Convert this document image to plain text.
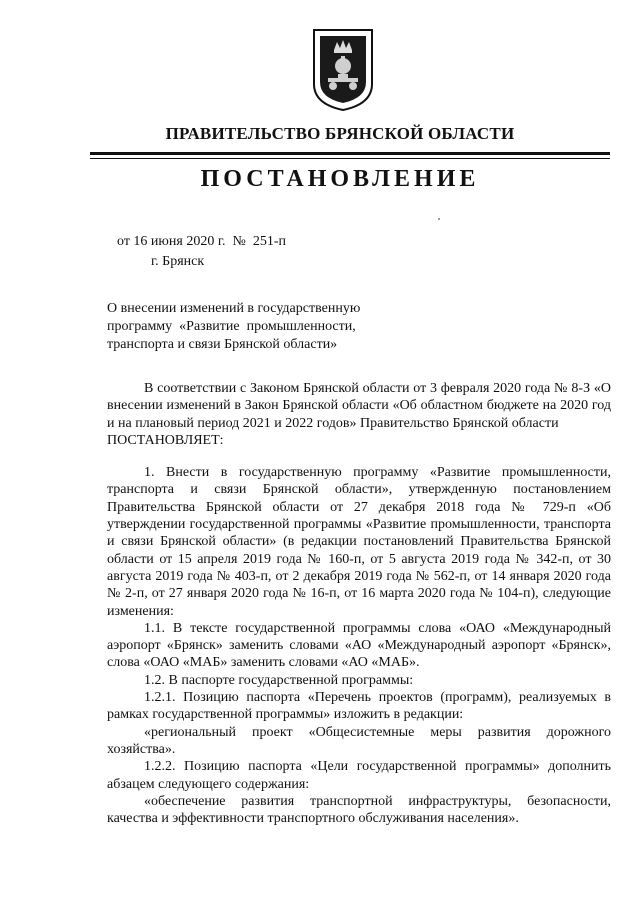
ПРАВИТЕЛЬСТВО БРЯНСКОЙ ОБЛАСТИ
ПОСТАНОВЛЕНИЕ
от 16 июня 2020 г.  №  251-п
г. Брянск
О внесении изменений в государственную
программу  «Развитие  промышленности,
транспорта и связи Брянской области»

В соответствии с Законом Брянской области от 3 февраля 2020 года № 8-З «О внесении изменений в Закон Брянской области «Об областном бюджете на 2020 год и на плановый период 2021 и 2022 годов» Правительство Брянской области

ПОСТАНОВЛЯЕТ:

1. Внести в государственную программу «Развитие промышленности, транспорта и связи Брянской области», утвержденную постановлением Правительства Брянской области от 27 декабря 2018 года № 729-п «Об утверждении государственной программы «Развитие промышленности, транспорта и связи Брянской области» (в редакции постановлений Правительства Брянской области от 15 апреля 2019 года № 160-п, от 5 августа 2019 года № 342-п, от 30 августа 2019 года № 403-п, от 2 декабря 2019 года № 562-п, от 14 января 2020 года № 2-п, от 27 января 2020 года № 16-п, от 16 марта 2020 года № 104-п), следующие изменения:

1.1. В тексте государственной программы слова «ОАО «Международный аэропорт «Брянск» заменить словами «АО «Международный аэропорт «Брянск», слова «ОАО «МАБ» заменить словами «АО «МАБ».

1.2. В паспорте государственной программы:

1.2.1. Позицию паспорта «Перечень проектов (программ), реализуемых в рамках государственной программы» изложить в редакции:

«региональный проект «Общесистемные меры развития дорожного хозяйства».

1.2.2. Позицию паспорта «Цели государственной программы» дополнить абзацем следующего содержания:

«обеспечение развития транспортной инфраструктуры, безопасности, качества и эффективности транспортного обслуживания населения».
